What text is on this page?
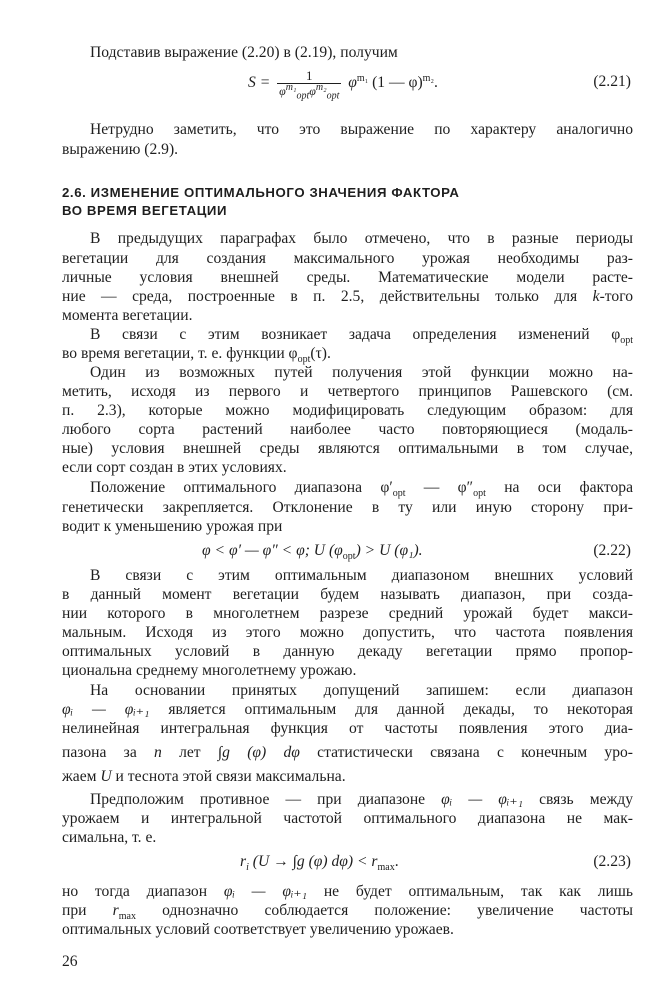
Подставив выражение (2.20) в (2.19), получим
$S = \frac{1}{\varphi^{m_1}_{opt}\varphi^{m_2}_{opt}} \varphi^{m_1}$ (1 — φ)$^{m_2}$.	(2.21)
Нетрудно заметить, что это выражение по характеру аналогично
выражению (2.9).
2.6. ИЗМЕНЕНИЕ ОПТИМАЛЬНОГО ЗНАЧЕНИЯ ФАКТОРА
ВО ВРЕМЯ ВЕГЕТАЦИИ
В предыдущих параграфах было отмечено, что в разные периоды
вегетации для создания максимального урожая необходимы раз-
личные условия внешней среды. Математические модели расте-
ние — среда, построенные в п. 2.5, действительны только для k-того
момента вегетации.
В связи с этим возникает задача определения изменений $\varphi_{opt}$
во время вегетации, т. е. функции $\varphi_{opt}(\tau)$.
Один из возможных путей получения этой функции можно на-
метить, исходя из первого и четвертого принципов Рашевского (см.
п. 2.3), которые можно модифицировать следующим образом: для
любого сорта растений наиболее часто повторяющиеся (модаль-
ные) условия внешней среды являются оптимальными в том случае,
если сорт создан в этих условиях.
Положение оптимального диапазона $\varphi'_{opt}$ — $\varphi''_{opt}$ на оси фактора
генетически закрепляется. Отклонение в ту или иную сторону при-
водит к уменьшению урожая при
φ < φ′ — φ″ < φ; U $(\varphi_{opt}) > U$ (φ₁).	(2.22)
В связи с этим оптимальным диапазоном внешних условий
в данный момент вегетации будем называть диапазон, при созда-
нии которого в многолетнем разрезе средний урожай будет макси-
мальным. Исходя из этого можно допустить, что частота появления
оптимальных условий в данную декаду вегетации прямо пропор-
циональна среднему многолетнему урожаю.
На основании принятых допущений запишем: если диапазон
φᵢ — φᵢ₊₁ является оптимальным для данной декады, то некоторая
нелинейная интегральная функция от частоты появления этого диа-
пазона за n лет ∫g (φ) dφ статистически связана с конечным уро-
жаем U и теснота этой связи максимальна.
Предположим противное — при диапазоне φᵢ — φᵢ₊₁ связь между
урожаем и интегральной частотой оптимального диапазона не мак-
симальна, т. е.
$r_i$ (U → ∫g (φ) $d\varphi) < r_{max}$.	(2.23)
но тогда диапазон φᵢ — φᵢ₊₁ не будет оптимальным, так как лишь
при $r_{max}$ однозначно соблюдается положение: увеличение частоты
оптимальных условий соответствует увеличению урожаев.
26
